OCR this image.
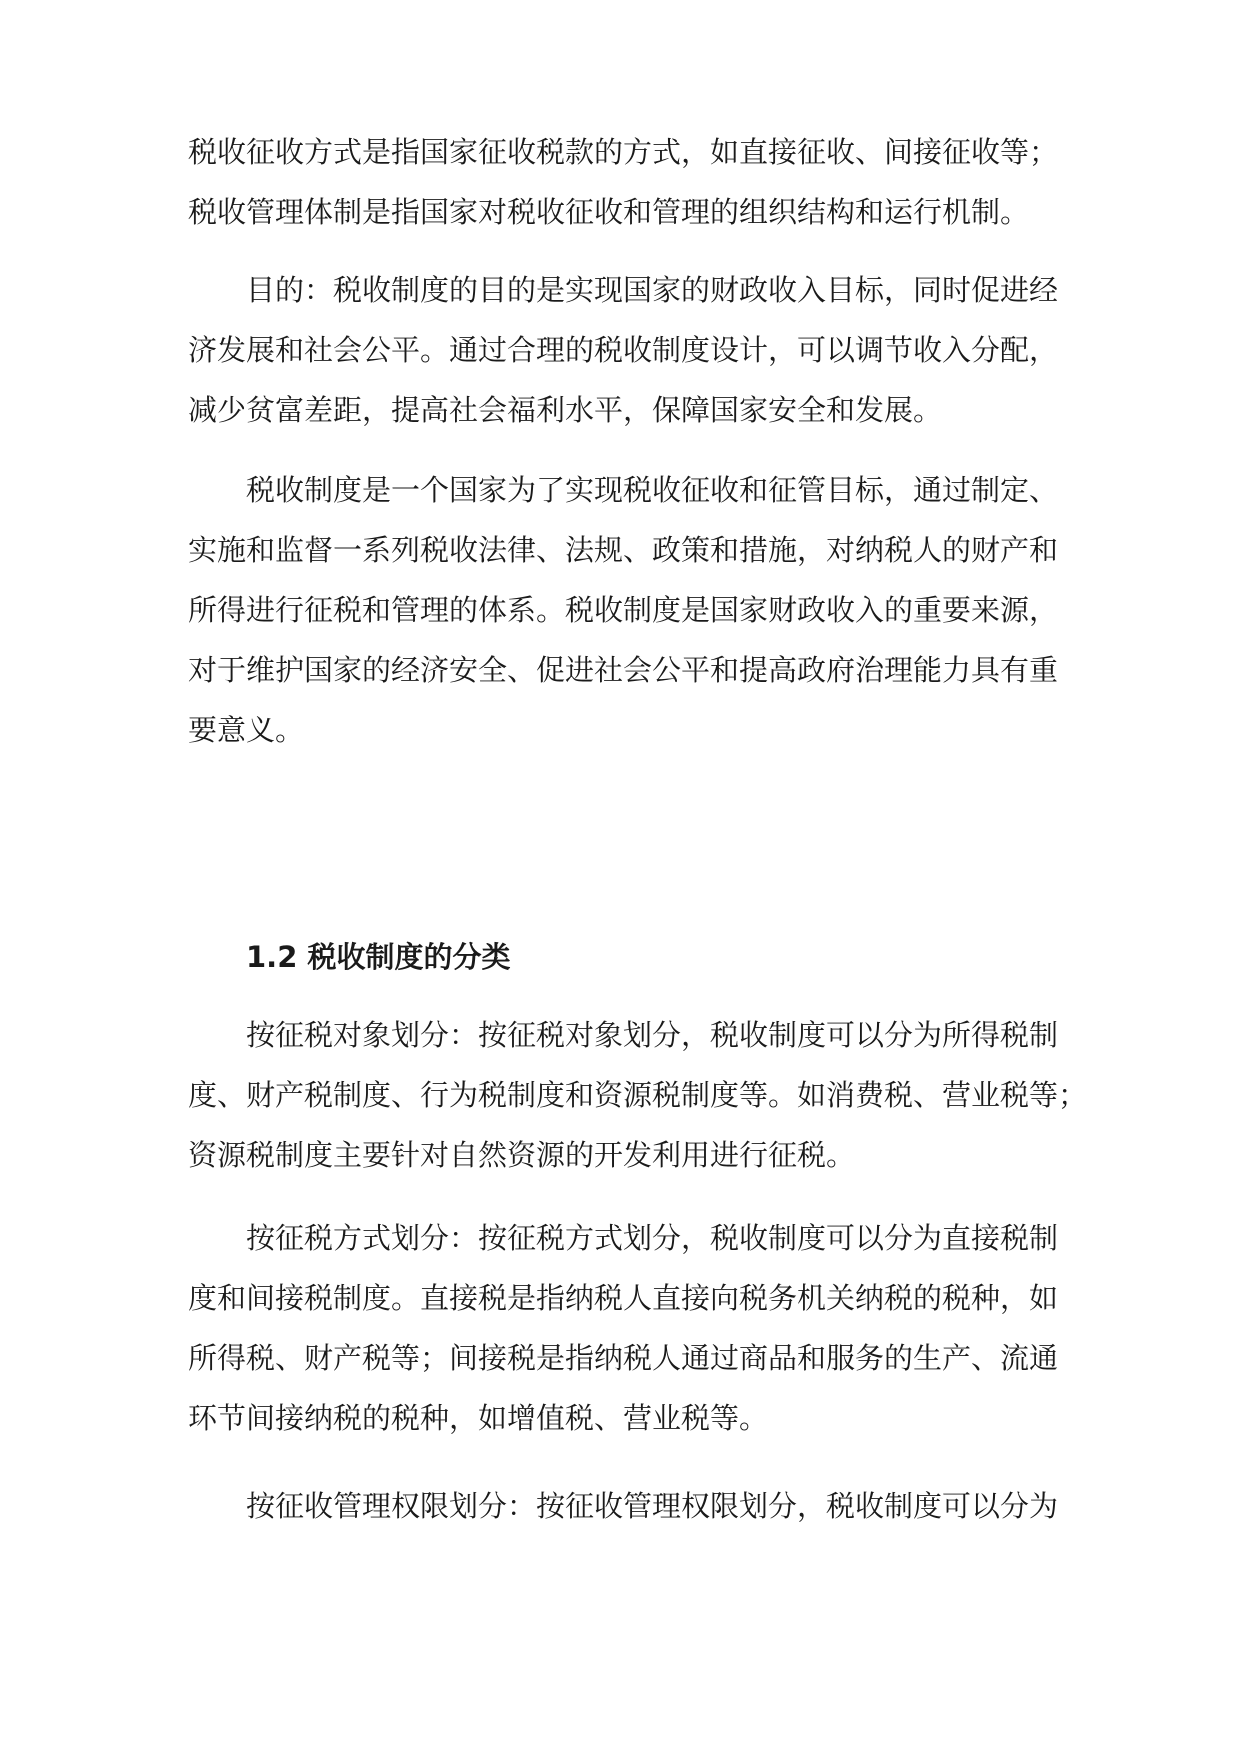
税收征收方式是指国家征收税款的方式，如直接征收、间接征收等；
税收管理体制是指国家对税收征收和管理的组织结构和运行机制。
目的：税收制度的目的是实现国家的财政收入目标，同时促进经
济发展和社会公平。通过合理的税收制度设计，可以调节收入分配，
减少贫富差距，提高社会福利水平，保障国家安全和发展。
税收制度是一个国家为了实现税收征收和征管目标，通过制定、
实施和监督一系列税收法律、法规、政策和措施，对纳税人的财产和
所得进行征税和管理的体系。税收制度是国家财政收入的重要来源，
对于维护国家的经济安全、促进社会公平和提高政府治理能力具有重
要意义。
1.2 税收制度的分类
按征税对象划分：按征税对象划分，税收制度可以分为所得税制
度、财产税制度、行为税制度和资源税制度等。如消费税、营业税等；
资源税制度主要针对自然资源的开发利用进行征税。
按征税方式划分：按征税方式划分，税收制度可以分为直接税制
度和间接税制度。直接税是指纳税人直接向税务机关纳税的税种，如
所得税、财产税等；间接税是指纳税人通过商品和服务的生产、流通
环节间接纳税的税种，如增值税、营业税等。
按征收管理权限划分：按征收管理权限划分，税收制度可以分为
